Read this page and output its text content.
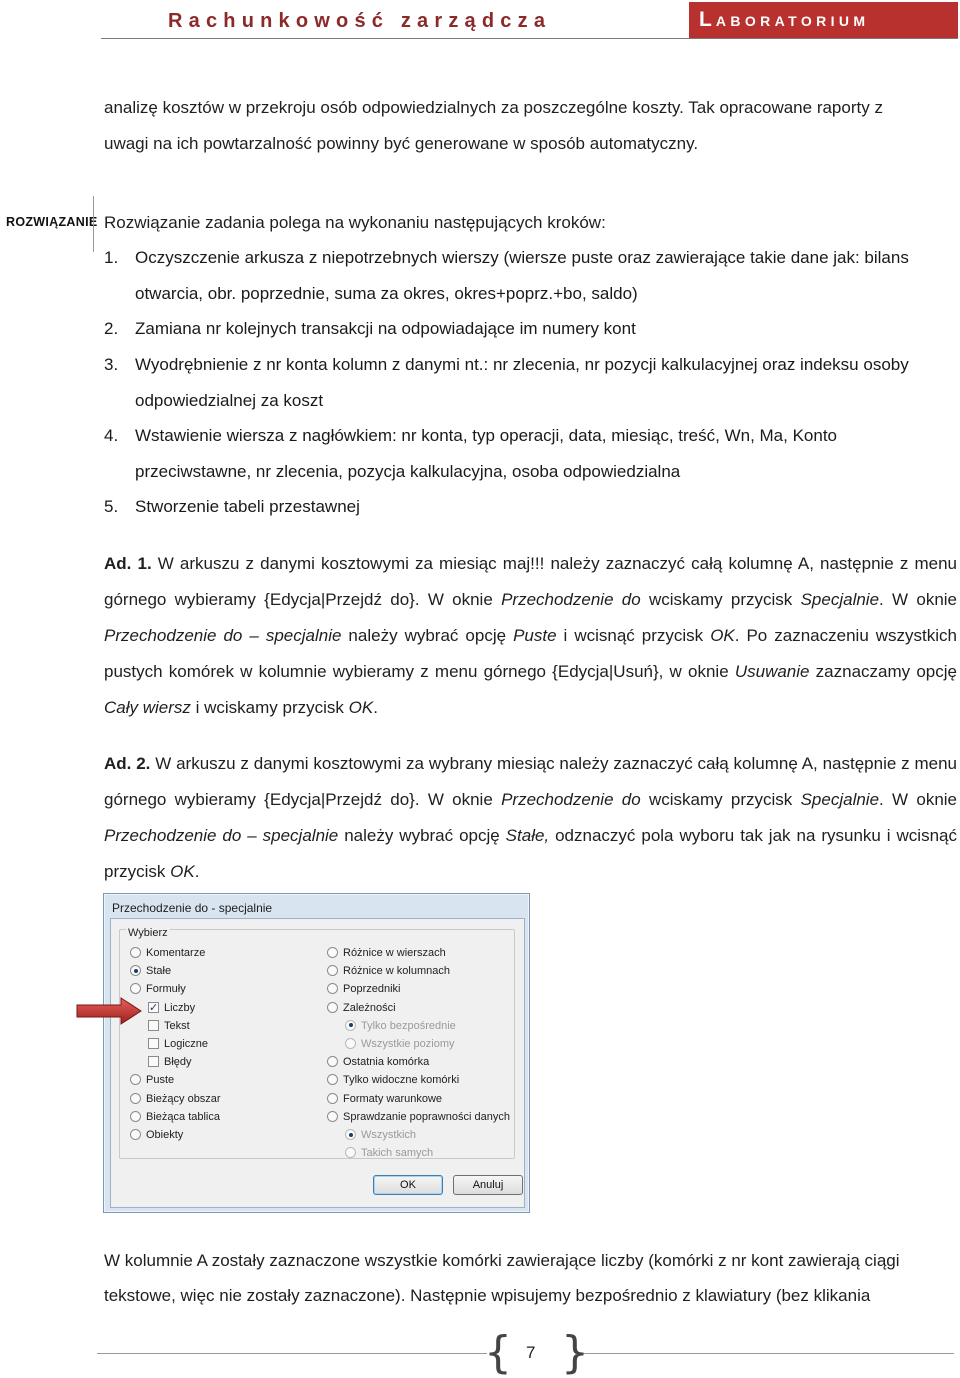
Rachunkowość zarządcza	LABORATORIUM
analizę kosztów w przekroju osób odpowiedzialnych za poszczególne koszty. Tak opracowane raporty z
uwagi na ich powtarzalność powinny być generowane w sposób automatyczny.
ROZWIĄZANIE Rozwiązanie zadania polega na wykonaniu następujących kroków:
1. Oczyszczenie arkusza z niepotrzebnych wierszy (wiersze puste oraz zawierające takie dane jak: bilans
otwarcia, obr. poprzednie, suma za okres, okres+poprz.+bo, saldo)
2. Zamiana nr kolejnych transakcji na odpowiadające im numery kont
3. Wyodrębnienie z nr konta kolumn z danymi nt.: nr zlecenia, nr pozycji kalkulacyjnej oraz indeksu osoby
odpowiedzialnej za koszt
4. Wstawienie wiersza z nagłówkiem: nr konta, typ operacji, data, miesiąc, treść, Wn, Ma, Konto
przeciwstawne, nr zlecenia, pozycja kalkulacyjna, osoba odpowiedzialna
5. Stworzenie tabeli przestawnej
Ad. 1. W arkuszu z danymi kosztowymi za miesiąc maj!!! należy zaznaczyć całą kolumnę A, następnie z menu górnego wybieramy {Edycja|Przejdź do}. W oknie Przechodzenie do wciskamy przycisk Specjalnie. W oknie Przechodzenie do – specjalnie należy wybrać opcję Puste i wcisnąć przycisk OK. Po zaznaczeniu wszystkich pustych komórek w kolumnie wybieramy z menu górnego {Edycja|Usuń}, w oknie Usuwanie zaznaczamy opcję Cały wiersz i wciskamy przycisk OK.
Ad. 2. W arkuszu z danymi kosztowymi za wybrany miesiąc należy zaznaczyć całą kolumnę A, następnie z menu górnego wybieramy {Edycja|Przejdź do}. W oknie Przechodzenie do wciskamy przycisk Specjalnie. W oknie Przechodzenie do – specjalnie należy wybrać opcję Stałe, odznaczyć pola wyboru tak jak na rysunku i wcisnąć przycisk OK.
Przechodzenie do - specjalnie
Wybierz
Komentarze
Stałe
Formuły
✓
Liczby
Tekst
Logiczne
Błędy
Puste
Bieżący obszar
Bieżąca tablica
Obiekty
Różnice w wierszach
Różnice w kolumnach
Poprzedniki
Zależności
Tylko bezpośrednie
Wszystkie poziomy
Ostatnia komórka
Tylko widoczne komórki
Formaty warunkowe
Sprawdzanie poprawności danych
Wszystkich
Takich samych
OK	Anuluj
W kolumnie A zostały zaznaczone wszystkie komórki zawierające liczby (komórki z nr kont zawierają ciągi
tekstowe, więc nie zostały zaznaczone). Następnie wpisujemy bezpośrednio z klawiatury (bez klikania
{ }
7
